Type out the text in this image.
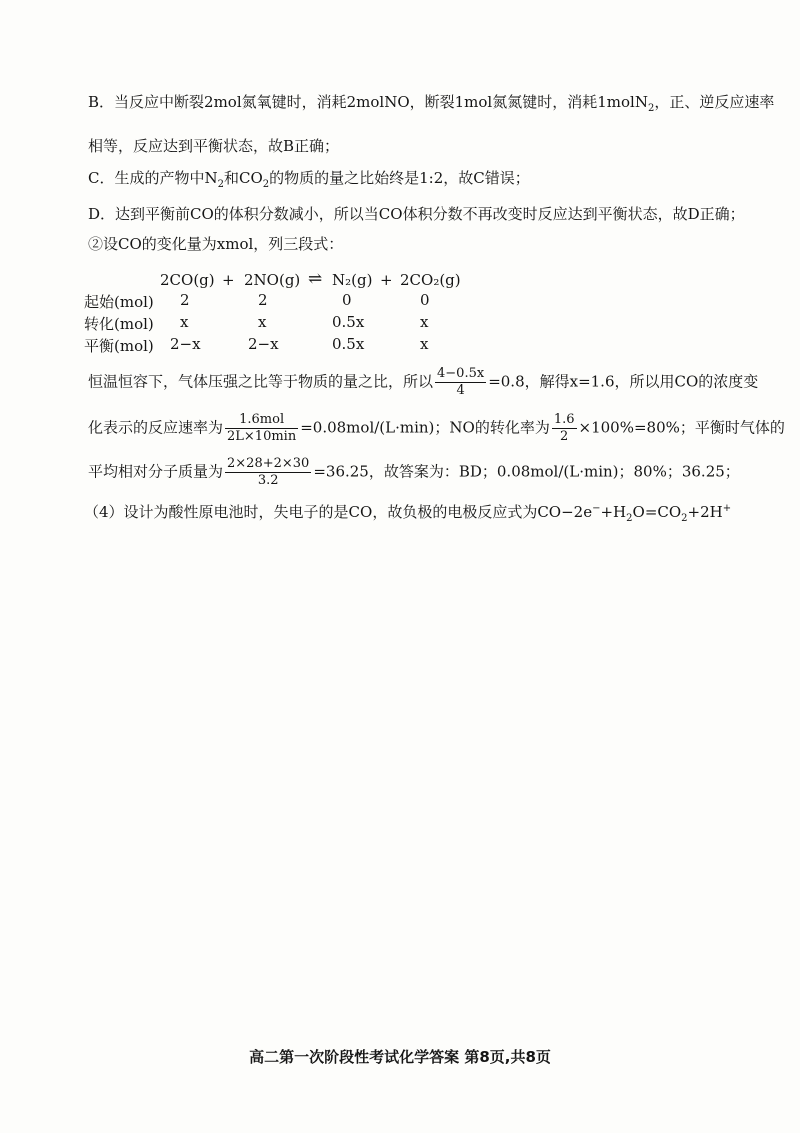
B．当反应中断裂2mol氮氧键时，消耗2molNO，断裂1mol氮氮键时，消耗1molN$_2$，正、逆反应速率
相等，反应达到平衡状态，故B正确；
C．生成的产物中$N_2$和$CO_2$的物质的量之比始终是1:2，故C错误；
D．达到平衡前CO的体积分数减小，所以当CO体积分数不再改变时反应达到平衡状态，故D正确；
②设CO的变化量为xmol，列三段式：
2CO(g) + 2NO(g) ⇌ N₂(g) + 2CO₂(g)
起始(mol) 2	2	0	0
转化(mol) x	x	0.5x	x
平衡(mol) 2−x	2−x	0.5x	x
恒温恒容下，气体压强之比等于物质的量之比，所以 $\frac{4-0.5x}{4} =0.8$，解得x=1.6，所以用CO的浓度变
化表示的反应速率为 $\frac{\text{1.6mol}}{2L\times 10\min} =0.08mol/(L\cdot\min)$；NO的转化率为 $\frac{1.6}{2} \times 100\%=80\%$；平衡时气体的
平均相对分子质量为 $\frac{2\times 28+2\times 30}{3.2} =36.25$，故答案为：BD；0.08mol/(L·min)；80%；36.25；
（4）设计为酸性原电池时，失电子的是CO，故负极的电极反应式为$CO-2e^-+H_2O=CO_2+2H^+$
高二第一次阶段性考试化学答案 第8页,共8页
